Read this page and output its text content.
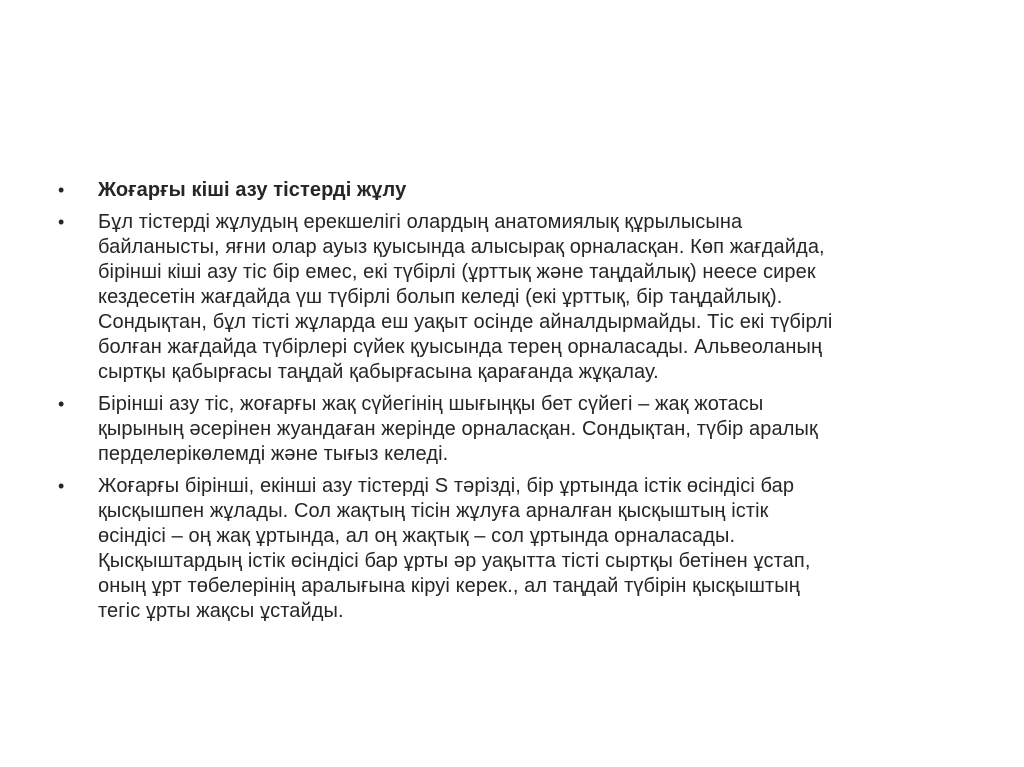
•	Жоғарғы кіші азу тістерді жұлу
•	Бұл тістерді жұлудың ерекшелігі олардың анатомиялық құрылысына
байланысты, яғни олар ауыз қуысында алысырақ орналасқан. Көп жағдайда,
бірінші кіші азу тіс бір емес, екі түбірлі (ұрттық және таңдайлық) неесе сирек
кездесетін жағдайда үш түбірлі болып келеді (екі ұрттық, бір таңдайлық).
Сондықтан, бұл тісті жұларда еш уақыт осінде айналдырмайды. Тіс екі түбірлі
болған жағдайда түбірлері сүйек қуысында терең орналасады. Альвеоланың
сыртқы қабырғасы таңдай қабырғасына қарағанда жұқалау.
•	Бірінші азу тіс, жоғарғы жақ сүйегінің шығыңқы бет сүйегі – жақ жотасы
қырының әсерінен жуандаған жерінде орналасқан. Сондықтан, түбір аралық
перделерікөлемді және тығыз келеді.
•	Жоғарғы бірінші, екінші азу тістерді S тәрізді, бір ұртында істік өсіндісі бар
қысқышпен жұлады. Сол жақтың тісін жұлуға арналған қысқыштың істік
өсіндісі – оң жақ ұртында, ал оң жақтық – сол ұртында орналасады.
Қысқыштардың істік өсіндісі бар ұрты әр уақытта тісті сыртқы бетінен ұстап,
оның ұрт төбелерінің аралығына кіруі керек., ал таңдай түбірін қысқыштың
тегіс ұрты жақсы ұстайды.
